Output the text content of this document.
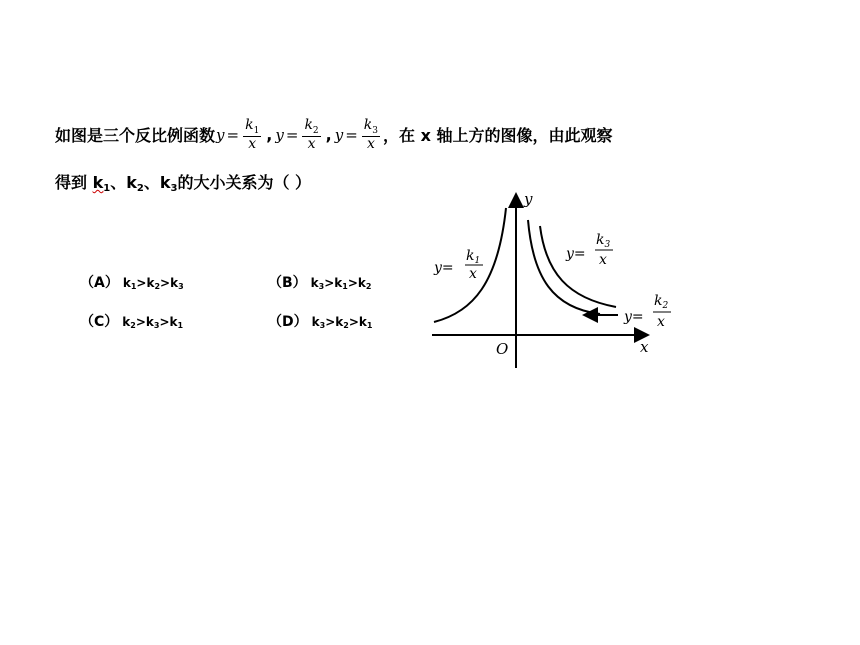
如图是三个反比例函数 $y = \frac{k_1}{x}$ , $y = \frac{k_2}{x}$ , $y = \frac{k_3}{x}$ ，在 x 轴上方的图像，由此观察
得到 $k_1$、$k_2$、$k_3$的大小关系为（ ）
（A） $k_1>k_2>k_3$	（B） $k_3>k_1>k_2$
（C） $k_2>k_3>k_1$	（D） $k_3>k_2>k_1$
y
x
O
y=
$k_1$
x
y=
$k_3$
x
y=
$k_2$
x
